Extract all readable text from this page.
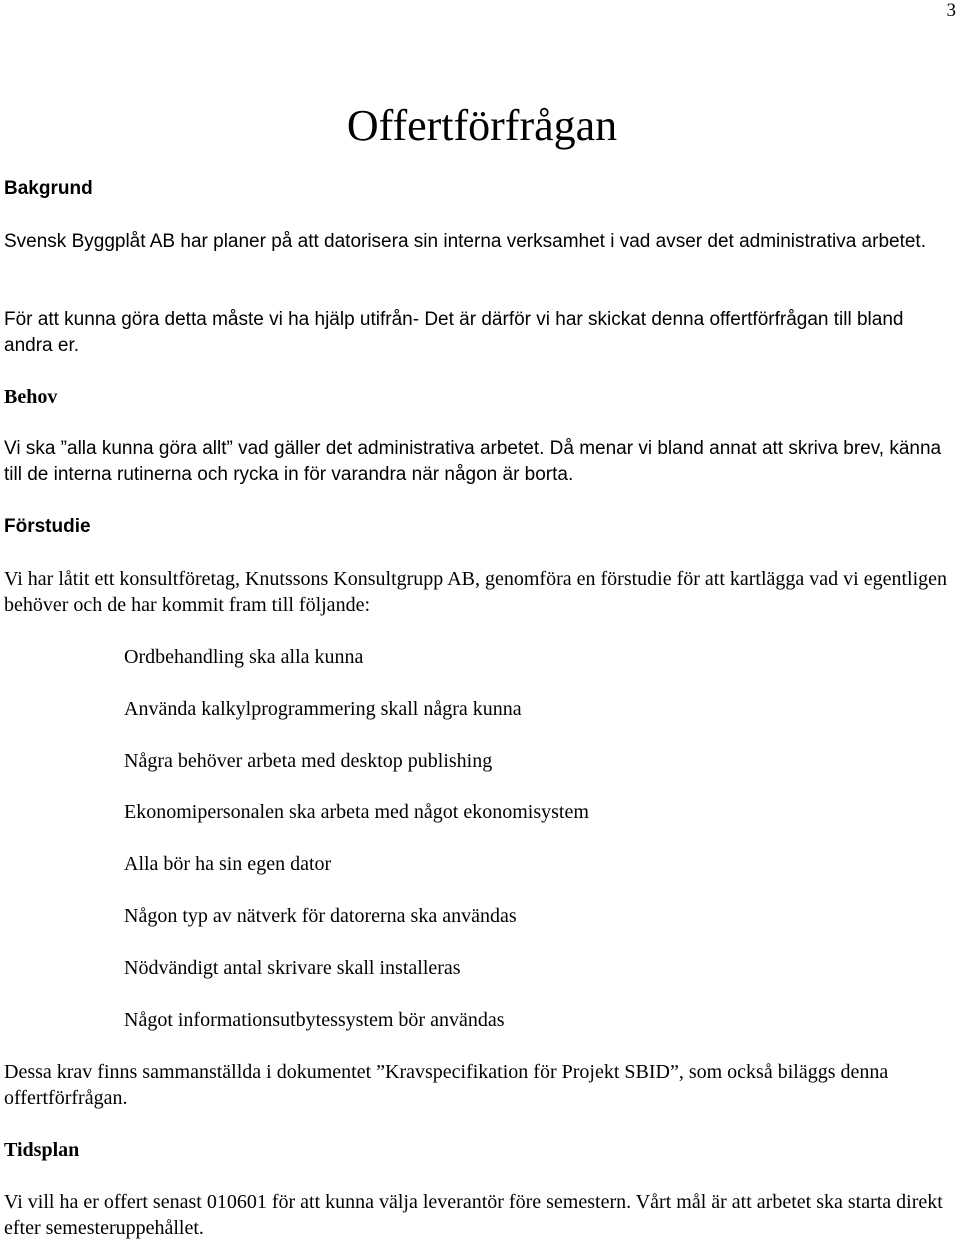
3
Offertförfrågan
Bakgrund

Svensk Byggplåt AB har planer på att datorisera sin interna verksamhet i vad avser det administrativa arbetet.

För att kunna göra detta måste vi ha hjälp utifrån- Det är därför vi har skickat denna offertförfrågan till bland andra er.

Behov

Vi ska ”alla kunna göra allt” vad gäller det administrativa arbetet. Då menar vi bland annat att skriva brev, känna till de interna rutinerna och rycka in för varandra när någon är borta.

Förstudie

Vi har låtit ett konsultföretag, Knutssons Konsultgrupp AB, genomföra en förstudie för att kartlägga vad vi egentligen behöver och de har kommit fram till följande:

Ordbehandling ska alla kunna

Använda kalkylprogrammering skall några kunna

Några behöver arbeta med desktop publishing

Ekonomipersonalen ska arbeta med något ekonomisystem

Alla bör ha sin egen dator

Någon typ av nätverk för datorerna ska användas

Nödvändigt antal skrivare skall installeras

Något informationsutbytessystem bör användas

Dessa krav finns sammanställda i dokumentet ”Kravspecifikation för Projekt SBID”, som också biläggs denna offertförfrågan.

Tidsplan

Vi vill ha er offert senast 010601 för att kunna välja leverantör före semestern. Vårt mål är att arbetet ska starta direkt efter semesteruppehållet.
